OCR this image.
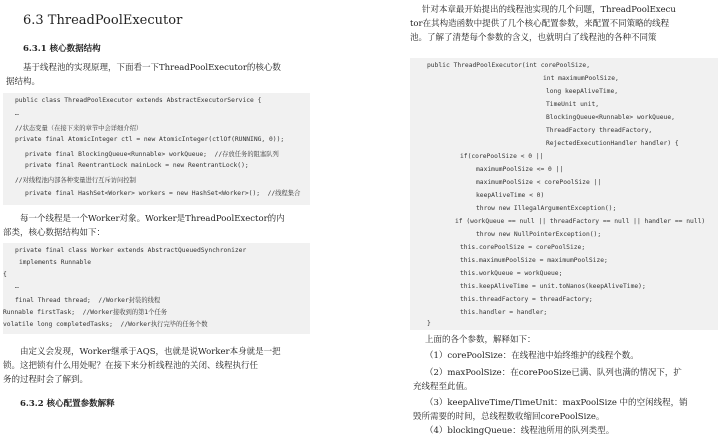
6.3 ThreadPoolExecutor
6.3.1 核心数据结构
基于线程池的实现原理，下面看一下ThreadPoolExecutor的核心数
据结构。
public class ThreadPoolExecutor extends AbstractExecutorService {
…
//状态变量（在接下来的章节中会详细介绍）
private final AtomicInteger ctl = new AtomicInteger(ctlOf(RUNNING, 0));
private final BlockingQueue<Runnable> workQueue;  //存放任务的阻塞队列
private final ReentrantLock mainLock = new ReentrantLock();
//对线程池内部各种变量进行互斥访问控制
private final HashSet<Worker> workers = new HashSet<Worker>();  //线程集合
每一个线程是一个Worker对象。Worker是ThreadPoolExector的内
部类，核心数据结构如下：
private final class Worker extends AbstractQueuedSynchronizer
implements Runnable
{
…
final Thread thread;  //Worker封装的线程
Runnable firstTask;  //Worker接收到的第1个任务
volatile long completedTasks;  //Worker执行完毕的任务个数
由定义会发现，Worker继承于AQS，也就是说Worker本身就是一把
锁。这把锁有什么用处呢？在接下来分析线程池的关闭、线程执行任
务的过程时会了解到。
6.3.2 核心配置参数解释
针对本章最开始提出的线程池实现的几个问题，ThreadPoolExecu
tor在其构造函数中提供了几个核心配置参数，来配置不同策略的线程
池。了解了清楚每个参数的含义，也就明白了线程池的各种不同策
public ThreadPoolExecutor(int corePoolSize,
int maximumPoolSize,
long keepAliveTime,
TimeUnit unit,
BlockingQueue<Runnable> workQueue,
ThreadFactory threadFactory,
RejectedExecutionHandler handler) {
if(corePoolSize < 0 ||
maximumPoolSize <= 0 ||
maximumPoolSize < corePoolSize ||
keepAliveTime < 0)
throw new IllegalArgumentException();
if (workQueue == null || threadFactory == null || handler == null)
throw new NullPointerException();
this.corePoolSize = corePoolSize;
this.maximumPoolSize = maximumPoolSize;
this.workQueue = workQueue;
this.keepAliveTime = unit.toNanos(keepAliveTime);
this.threadFactory = threadFactory;
this.handler = handler;
}
上面的各个参数，解释如下：
（1）corePoolSize：在线程池中始终维护的线程个数。
（2）maxPoolSize：在corePooSize已满、队列也满的情况下，扩
充线程至此值。
（3）keepAliveTime/TimeUnit：maxPoolSize 中的空闲线程，销
毁所需要的时间，总线程数收缩回corePoolSize。
（4）blockingQueue：线程池所用的队列类型。
